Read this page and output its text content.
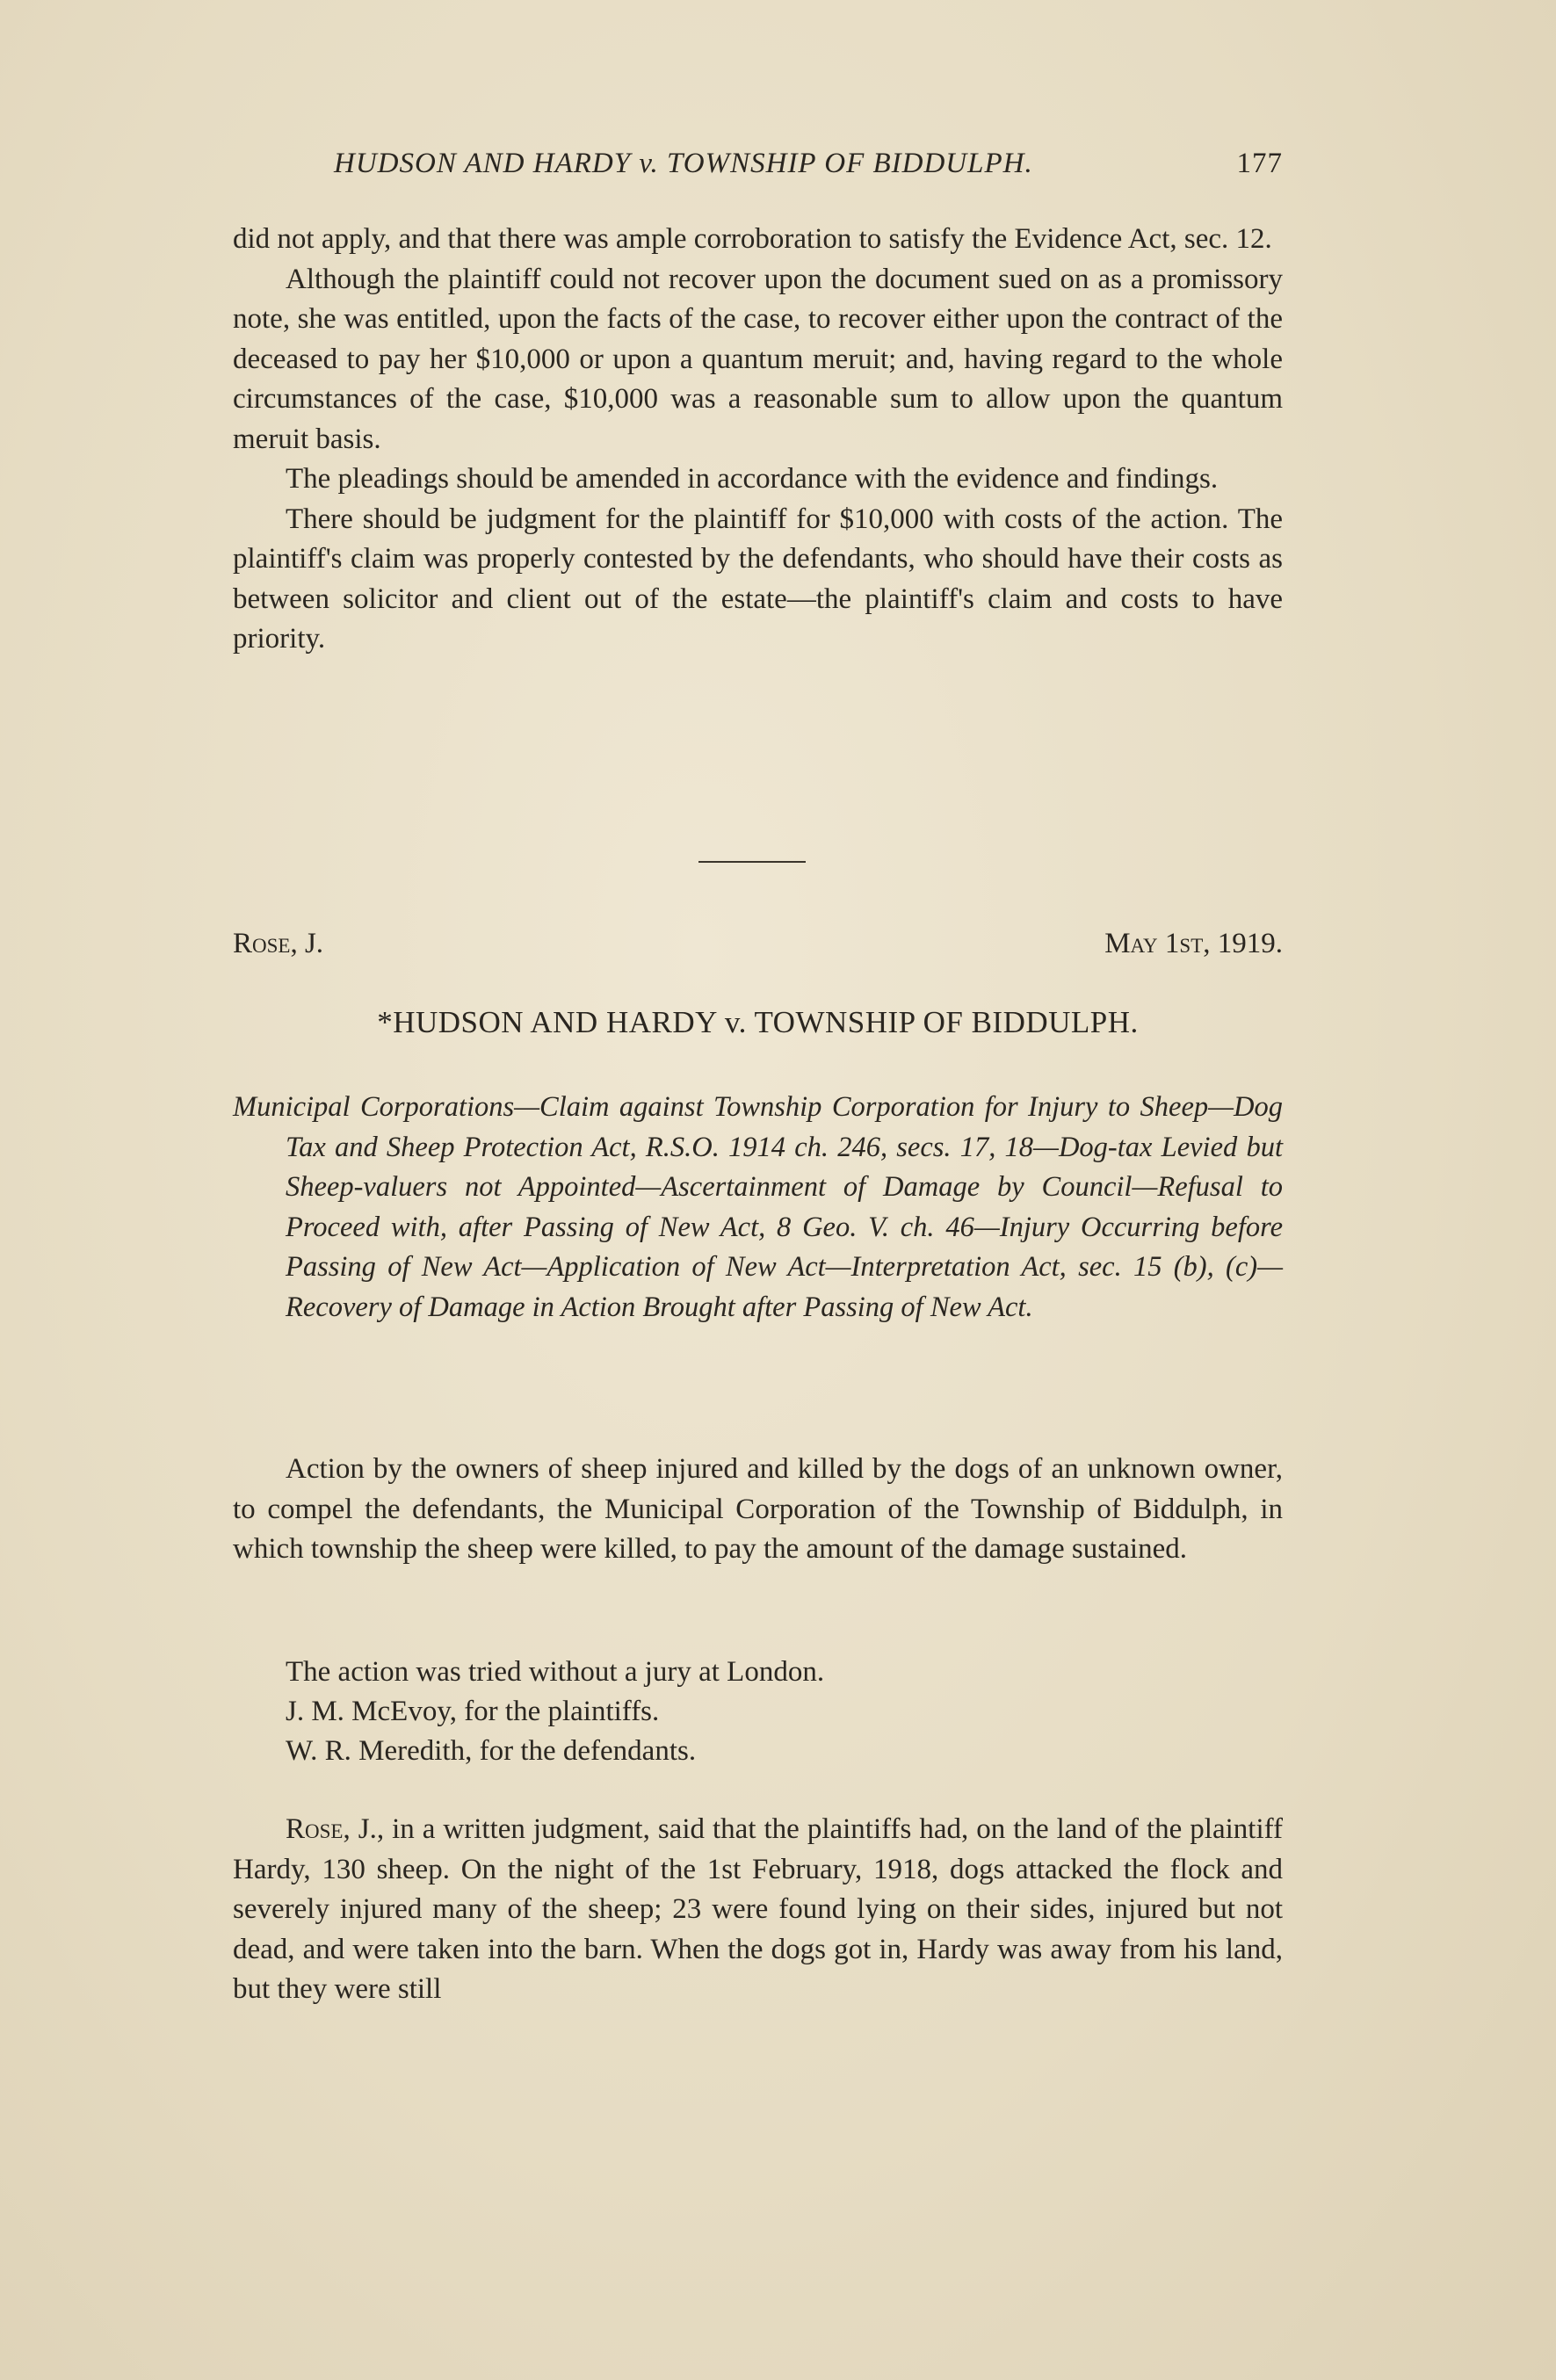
HUDSON AND HARDY v. TOWNSHIP OF BIDDULPH.	177

did not apply, and that there was ample corroboration to satisfy the Evidence Act, sec. 12.

Although the plaintiff could not recover upon the document sued on as a promissory note, she was entitled, upon the facts of the case, to recover either upon the contract of the deceased to pay her $10,000 or upon a quantum meruit; and, having regard to the whole circumstances of the case, $10,000 was a reasonable sum to allow upon the quantum meruit basis.

The pleadings should be amended in accordance with the evidence and findings.

There should be judgment for the plaintiff for $10,000 with costs of the action. The plaintiff's claim was properly contested by the defendants, who should have their costs as between solicitor and client out of the estate—the plaintiff's claim and costs to have priority.

Rose, J.	May 1st, 1919.
*HUDSON AND HARDY v. TOWNSHIP OF BIDDULPH.
Municipal Corporations—Claim against Township Corporation for Injury to Sheep—Dog Tax and Sheep Protection Act, R.S.O. 1914 ch. 246, secs. 17, 18—Dog-tax Levied but Sheep-valuers not Appointed—Ascertainment of Damage by Council—Refusal to Proceed with, after Passing of New Act, 8 Geo. V. ch. 46—Injury Occurring before Passing of New Act—Application of New Act—Interpretation Act, sec. 15 (b), (c)—Recovery of Damage in Action Brought after Passing of New Act.

Action by the owners of sheep injured and killed by the dogs of an unknown owner, to compel the defendants, the Municipal Corporation of the Township of Biddulph, in which township the sheep were killed, to pay the amount of the damage sustained.

The action was tried without a jury at London.
J. M. McEvoy, for the plaintiffs.
W. R. Meredith, for the defendants.

Rose, J., in a written judgment, said that the plaintiffs had, on the land of the plaintiff Hardy, 130 sheep. On the night of the 1st February, 1918, dogs attacked the flock and severely injured many of the sheep; 23 were found lying on their sides, injured but not dead, and were taken into the barn. When the dogs got in, Hardy was away from his land, but they were still
